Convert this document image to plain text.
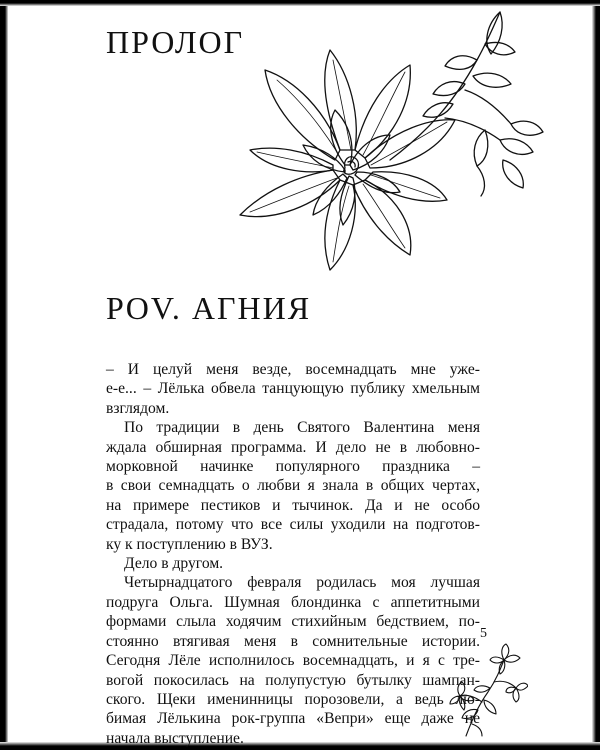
ПРОЛОГ
POV. АГНИЯ
– И целуй меня везде, восемнадцать мне уже-
е-е... – Лёлька обвела танцующую публику хмельным
взглядом.
По традиции в день Святого Валентина меня
ждала обширная программа. И дело не в любовно-
морковной начинке популярного праздника –
в свои семнадцать о любви я знала в общих чертах,
на примере пестиков и тычинок. Да и не особо
страдала, потому что все силы уходили на подготов-
ку к поступлению в ВУЗ.
Дело в другом.
Четырнадцатого февраля родилась моя лучшая
подруга Ольга. Шумная блондинка с аппетитными
формами слыла ходячим стихийным бедствием, по-
стоянно втягивая меня в сомнительные истории.
Сегодня Лёле исполнилось восемнадцать, и я с тре-
вогой покосилась на полупустую бутылку шампан-
ского. Щеки именинницы порозовели, а ведь лю-
бимая Лёлькина рок-группа «Вепри» еще даже не
начала выступление.
5
